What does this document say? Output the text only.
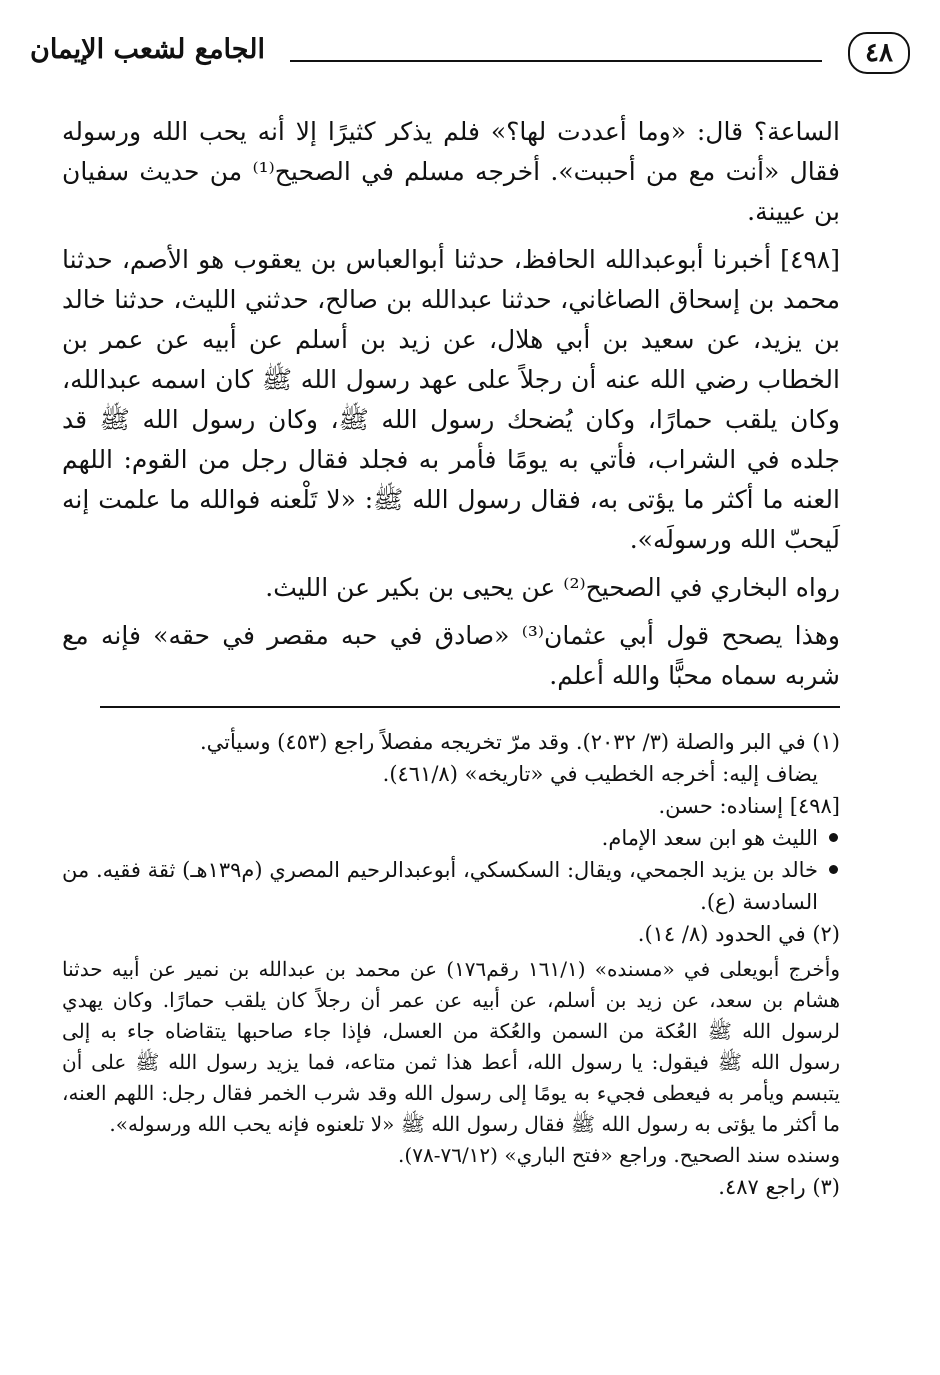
٤٨
الجامع لشعب الإيمان

الساعة؟ قال: «وما أعددت لها؟» فلم يذكر كثيرًا إلا أنه يحب الله ورسوله فقال «أنت مع من أحببت». أخرجه مسلم في الصحيح⁽¹⁾ من حديث سفيان بن عيينة.

[٤٩٨] أخبرنا أبوعبدالله الحافظ، حدثنا أبوالعباس بن يعقوب هو الأصم، حدثنا محمد بن إسحاق الصاغاني، حدثنا عبدالله بن صالح، حدثني الليث، حدثنا خالد بن يزيد، عن سعيد بن أبي هلال، عن زيد بن أسلم عن أبيه عن عمر بن الخطاب رضي الله عنه أن رجلاً على عهد رسول الله ﷺ كان اسمه عبدالله، وكان يلقب حمارًا، وكان يُضحك رسول الله ﷺ، وكان رسول الله ﷺ قد جلده في الشراب، فأتي به يومًا فأمر به فجلد فقال رجل من القوم: اللهم العنه ما أكثر ما يؤتى به، فقال رسول الله ﷺ: «لا تَلْعنه فوالله ما علمت إنه لَيحبّ الله ورسولَه».

رواه البخاري في الصحيح⁽²⁾ عن يحيى بن بكير عن الليث.

وهذا يصحح قول أبي عثمان⁽³⁾ «صادق في حبه مقصر في حقه» فإنه مع شربه سماه محبًّا والله أعلم.

(١) في البر والصلة (٣/ ٢٠٣٢). وقد مرّ تخريجه مفصلاً راجع (٤٥٣) وسيأتي.

يضاف إليه: أخرجه الخطيب في «تاريخه» (٤٦١/٨).

[٤٩٨] إسناده: حسن.

الليث هو ابن سعد الإمام.

خالد بن يزيد الجمحي، ويقال: السكسكي، أبوعبدالرحيم المصري (م١٣٩هـ) ثقة فقيه. من السادسة (ع).

(٢) في الحدود (٨/ ١٤).

وأخرج أبويعلى في «مسنده» (١٦١/١ رقم١٧٦) عن محمد بن عبدالله بن نمير عن أبيه حدثنا هشام بن سعد، عن زيد بن أسلم، عن أبيه عن عمر أن رجلاً كان يلقب حمارًا. وكان يهدي لرسول الله ﷺ العُكة من السمن والعُكة من العسل، فإذا جاء صاحبها يتقاضاه جاء به إلى رسول الله ﷺ فيقول: يا رسول الله، أعط هذا ثمن متاعه، فما يزيد رسول الله ﷺ على أن يتبسم ويأمر به فيعطى فجيء به يومًا إلى رسول الله وقد شرب الخمر فقال رجل: اللهم العنه، ما أكثر ما يؤتى به رسول الله ﷺ فقال رسول الله ﷺ «لا تلعنوه فإنه يحب الله ورسوله».

وسنده سند الصحيح. وراجع «فتح الباري» (٧٦/١٢-٧٨).

(٣) راجع ٤٨٧.
